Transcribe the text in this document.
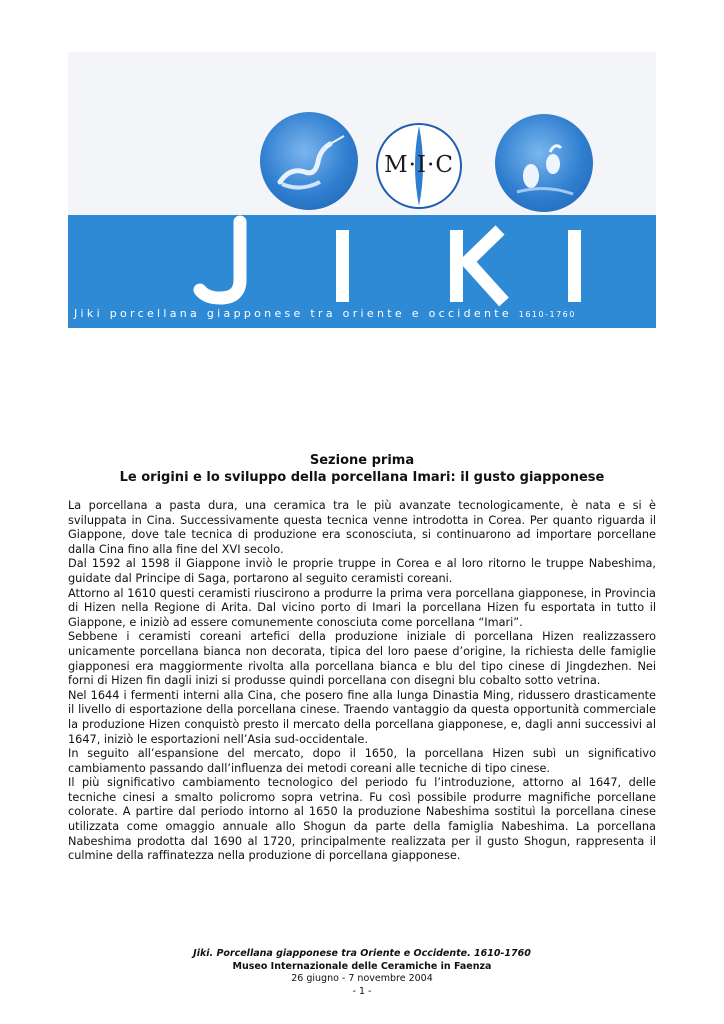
M·I·C
Jiki porcellana giapponese tra oriente e occidente 1610-1760
Sezione prima
Le origini e lo sviluppo della porcellana Imari: il gusto giapponese

La porcellana a pasta dura, una ceramica tra le più avanzate tecnologicamente, è nata e si è sviluppata in Cina. Successivamente questa tecnica venne introdotta in Corea. Per quanto riguarda il Giappone, dove tale tecnica di produzione era sconosciuta, si continuarono ad importare porcellane dalla Cina fino alla fine del XVI secolo.

Dal 1592 al 1598 il Giappone inviò le proprie truppe in Corea e al loro ritorno le truppe Nabeshima, guidate dal Principe di Saga, portarono al seguito ceramisti coreani.

Attorno al 1610 questi ceramisti riuscirono a produrre la prima vera porcellana giapponese, in Provincia di Hizen nella Regione di Arita. Dal vicino porto di Imari la porcellana Hizen fu esportata in tutto il Giappone, e iniziò ad essere comunemente conosciuta come porcellana “Imari”.

Sebbene i ceramisti coreani artefici della produzione iniziale di porcellana Hizen realizzassero unicamente porcellana bianca non decorata, tipica del loro paese d’origine, la richiesta delle famiglie giapponesi era maggiormente rivolta alla porcellana bianca e blu del tipo cinese di Jingdezhen. Nei forni di Hizen fin dagli inizi si produsse quindi porcellana con disegni blu cobalto sotto vetrina.

Nel 1644 i fermenti interni alla Cina, che posero fine alla lunga Dinastia Ming, ridussero drasticamente il livello di esportazione della porcellana cinese. Traendo vantaggio da questa opportunità commerciale la produzione Hizen conquistò presto il mercato della porcellana giapponese, e, dagli anni successivi al 1647, iniziò le esportazioni nell’Asia sud-occidentale.

In seguito all’espansione del mercato, dopo il 1650, la porcellana Hizen subì un significativo cambiamento passando dall’influenza dei metodi coreani alle tecniche di tipo cinese.

Il più significativo cambiamento tecnologico del periodo fu l’introduzione, attorno al 1647, delle tecniche cinesi a smalto policromo sopra vetrina. Fu così possibile produrre magnifiche porcellane colorate. A partire dal periodo intorno al 1650 la produzione Nabeshima sostituì la porcellana cinese utilizzata come omaggio annuale allo Shogun da parte della famiglia Nabeshima. La porcellana Nabeshima prodotta dal 1690 al 1720, principalmente realizzata per il gusto Shogun, rappresenta il culmine della raffinatezza nella produzione di porcellana giapponese.

Jiki. Porcellana giapponese tra Oriente e Occidente. 1610-1760
Museo Internazionale delle Ceramiche in Faenza
26 giugno - 7 novembre 2004
- 1 -
